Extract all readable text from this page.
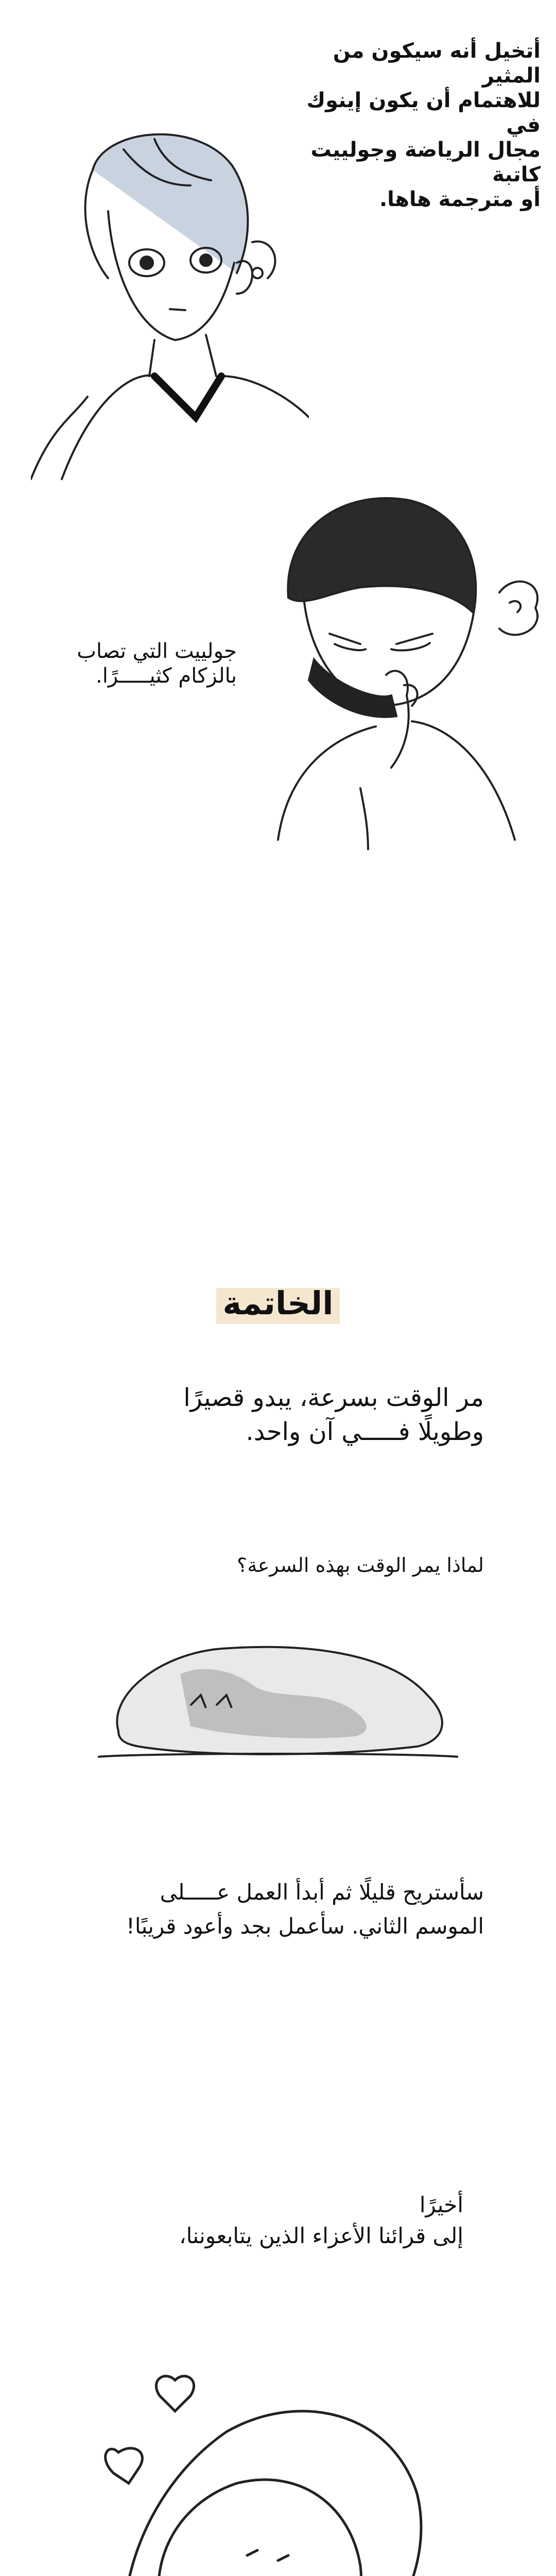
أتخيل أنه سيكون من المثير
للاهتمام أن يكون إينوك في
مجال الرياضة وجولييت كاتبة
أو مترجمة هاها.
جولييت التي تصاب
بالزكام كثيـــــرًا.
الخاتمة
مر الوقت بسرعة، يبدو قصيرًا
وطويلًا فـــــي آن واحد.
لماذا يمر الوقت بهذه السرعة؟
سأستريح قليلًا ثم أبدأ العمل عـــــلى
الموسم الثاني. سأعمل بجد وأعود قريبًا!
أخيرًا
إلى قرائنا الأعزاء الذين يتابعوننا،
